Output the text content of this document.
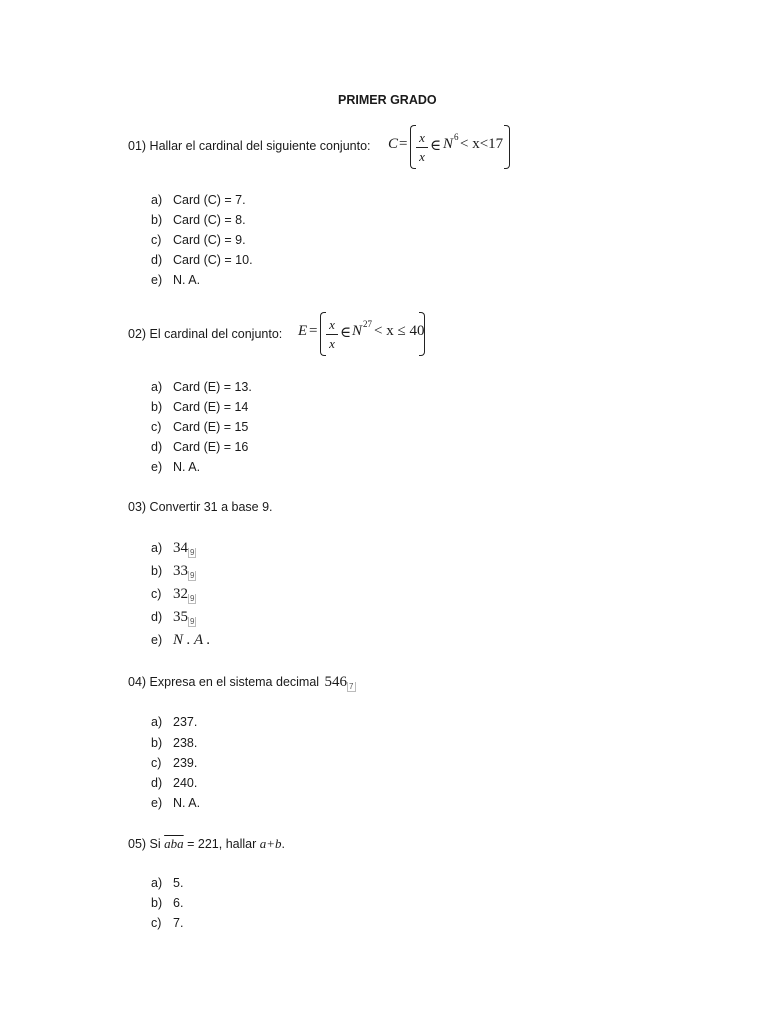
PRIMER GRADO
01) Hallar el cardinal del siguiente conjunto: C = x
x
∈ N 6 < x<17
a) Card (C) = 7.
b) Card (C) = 8.
c) Card (C) = 9.
d) Card (C) = 10.
e) N. A.
02) El cardinal del conjunto: E = x
x
∈ N 27 < x ≤ 40
a) Card (E) = 13.
b) Card (E) = 14
c) Card (E) = 15
d) Card (E) = 16
e) N. A.
03) Convertir 31 a base 9.
a) 34 $_9$
b) 33 $_9$
c) 32 $_9$
d) 35 $_9$
e) N . A .
04) Expresa en el sistema decimal 546 $_7$
a) 237.
b) 238.
c) 239.
d) 240.
e) N. A.
05) Si $\overline{aba} = 221$, hallar a+b.
a) 5.
b) 6.
c) 7.
